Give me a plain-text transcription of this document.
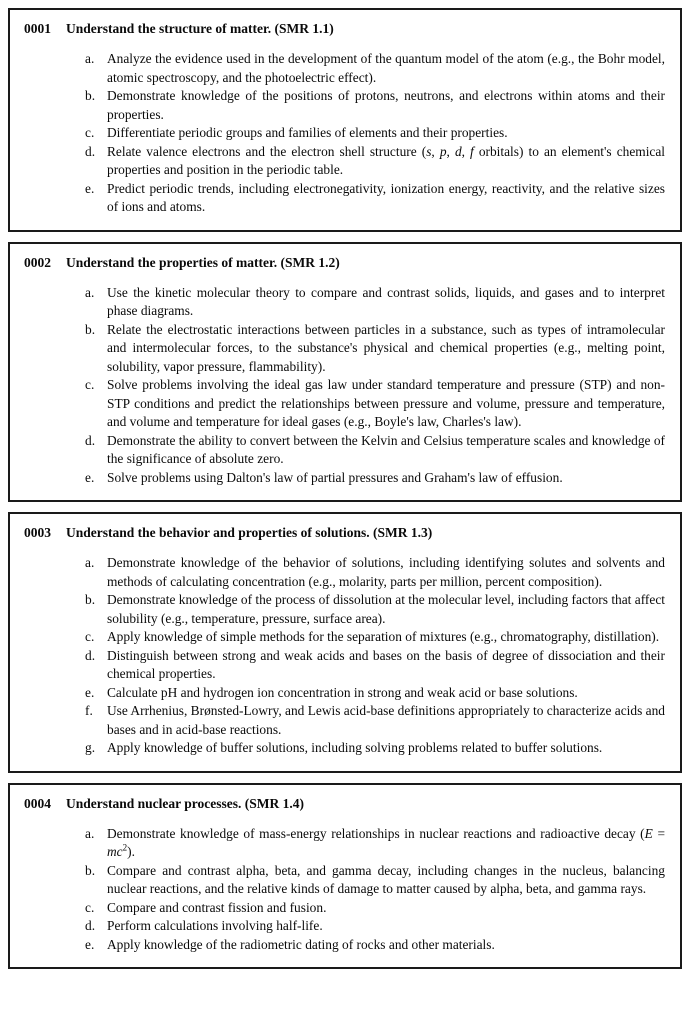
0001	Understand the structure of matter. (SMR 1.1)
a. Analyze the evidence used in the development of the quantum model of the atom (e.g., the Bohr model, atomic spectroscopy, and the photoelectric effect).
b. Demonstrate knowledge of the positions of protons, neutrons, and electrons within atoms and their properties.
c. Differentiate periodic groups and families of elements and their properties.
d. Relate valence electrons and the electron shell structure (s, p, d, f orbitals) to an element's chemical properties and position in the periodic table.
e. Predict periodic trends, including electronegativity, ionization energy, reactivity, and the relative sizes of ions and atoms.
0002	Understand the properties of matter. (SMR 1.2)
a. Use the kinetic molecular theory to compare and contrast solids, liquids, and gases and to interpret phase diagrams.
b. Relate the electrostatic interactions between particles in a substance, such as types of intramolecular and intermolecular forces, to the substance's physical and chemical properties (e.g., melting point, solubility, vapor pressure, flammability).
c. Solve problems involving the ideal gas law under standard temperature and pressure (STP) and non-STP conditions and predict the relationships between pressure and volume, pressure and temperature, and volume and temperature for ideal gases (e.g., Boyle's law, Charles's law).
d. Demonstrate the ability to convert between the Kelvin and Celsius temperature scales and knowledge of the significance of absolute zero.
e. Solve problems using Dalton's law of partial pressures and Graham's law of effusion.
0003	Understand the behavior and properties of solutions. (SMR 1.3)
a. Demonstrate knowledge of the behavior of solutions, including identifying solutes and solvents and methods of calculating concentration (e.g., molarity, parts per million, percent composition).
b. Demonstrate knowledge of the process of dissolution at the molecular level, including factors that affect solubility (e.g., temperature, pressure, surface area).
c. Apply knowledge of simple methods for the separation of mixtures (e.g., chromatography, distillation).
d. Distinguish between strong and weak acids and bases on the basis of degree of dissociation and their chemical properties.
e. Calculate pH and hydrogen ion concentration in strong and weak acid or base solutions.
f.	Use Arrhenius, Brønsted-Lowry, and Lewis acid-base definitions appropriately to characterize acids and bases and in acid-base reactions.
g. Apply knowledge of buffer solutions, including solving problems related to buffer solutions.
0004	Understand nuclear processes. (SMR 1.4)
a. Demonstrate knowledge of mass-energy relationships in nuclear reactions and radioactive decay $(E = mc^2)$.
b. Compare and contrast alpha, beta, and gamma decay, including changes in the nucleus, balancing nuclear reactions, and the relative kinds of damage to matter caused by alpha, beta, and gamma rays.
c. Compare and contrast fission and fusion.
d. Perform calculations involving half-life.
e. Apply knowledge of the radiometric dating of rocks and other materials.
